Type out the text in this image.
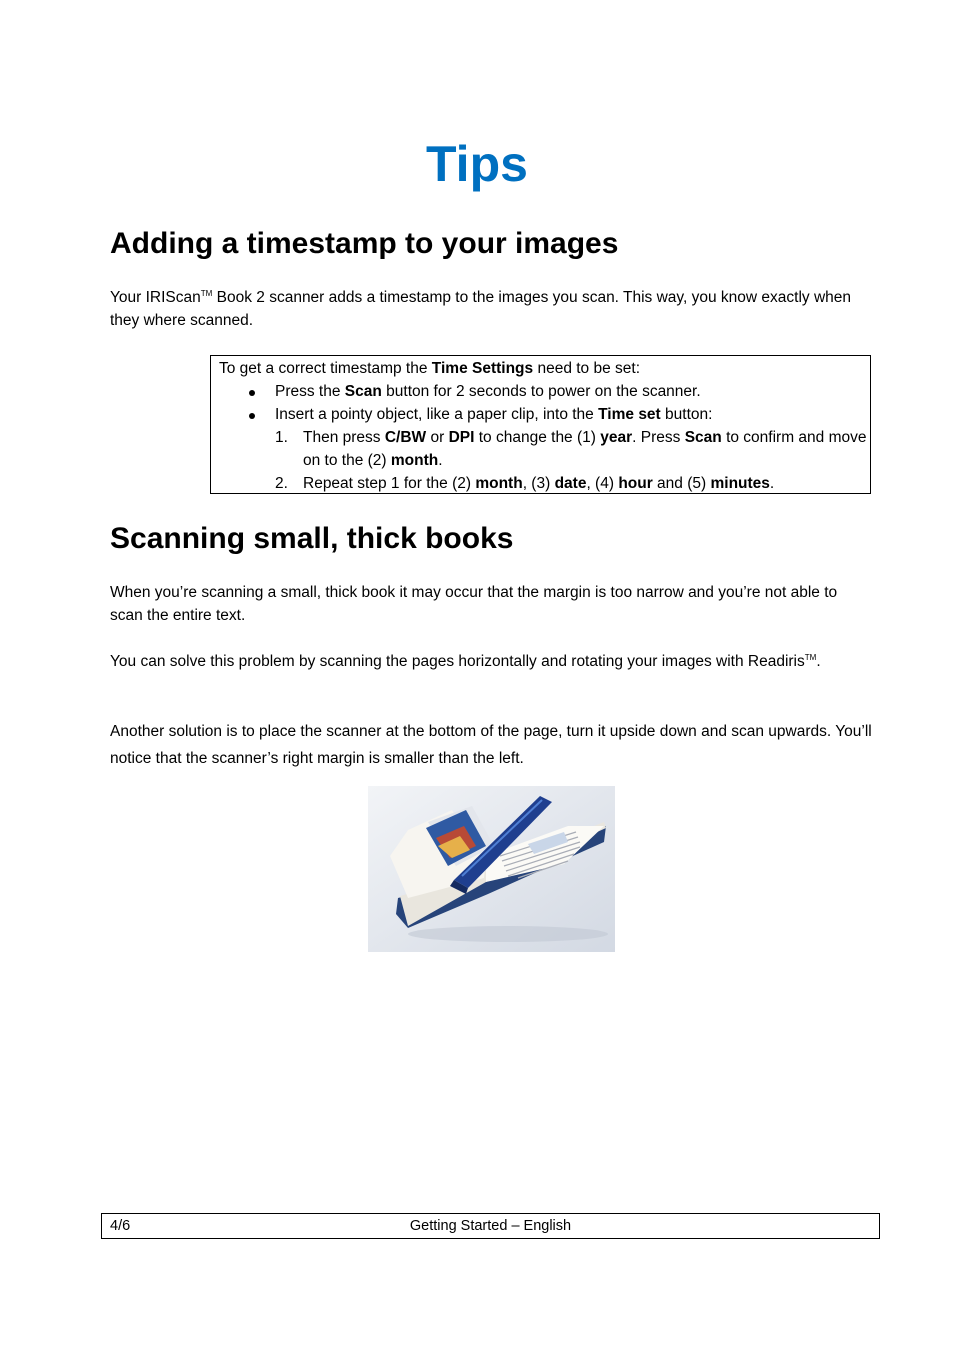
Tips
Adding a timestamp to your images

Your IRIScan™ Book 2 scanner adds a timestamp to the images you scan. This way, you know exactly when they where scanned.

To get a correct timestamp the Time Settings need to be set:
Press the Scan button for 2 seconds to power on the scanner.
Insert a pointy object, like a paper clip, into the Time set button:
1. Then press C/BW or DPI to change the (1) year. Press Scan to confirm and move on to the (2) month.
2. Repeat step 1 for the (2) month, (3) date, (4) hour and (5) minutes.
Scanning small, thick books

When you’re scanning a small, thick book it may occur that the margin is too narrow and you’re not able to scan the entire text.

You can solve this problem by scanning the pages horizontally and rotating your images with Readiris™.

Another solution is to place the scanner at the bottom of the page, turn it upside down and scan upwards. You’ll notice that the scanner’s right margin is smaller than the left.

4/6	Getting Started – English
